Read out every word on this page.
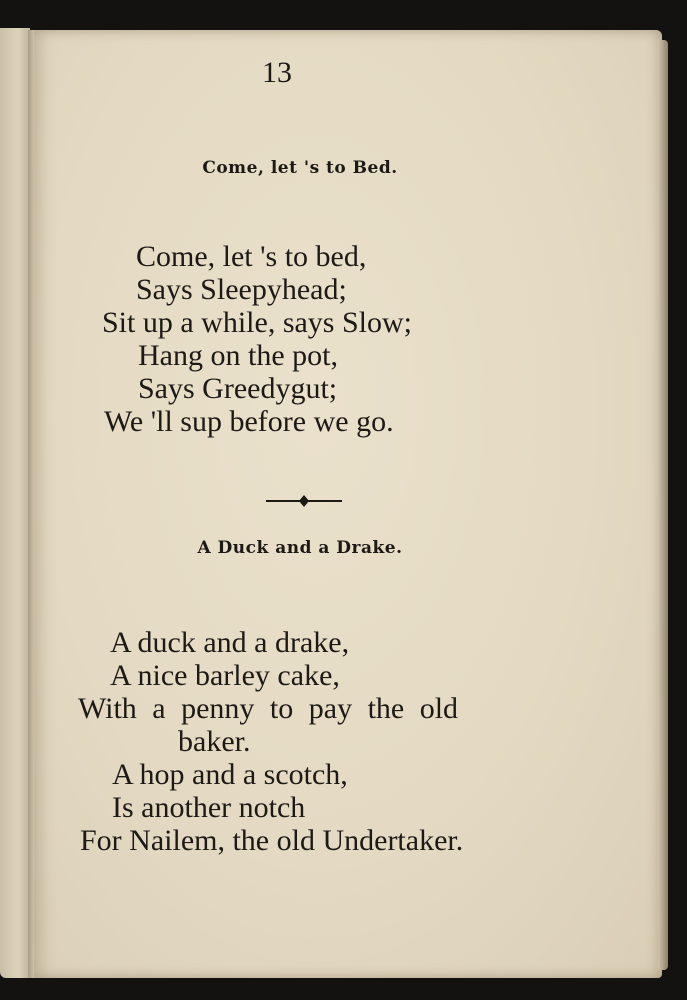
13
Come, let 's to Bed.
Come, let 's to bed,
Says Sleepyhead;
Sit up a while, says Slow;
Hang on the pot,
Says Greedygut;
We 'll sup before we go.
A Duck and a Drake.
A duck and a drake,
A nice barley cake,
With a penny to pay the old
baker.
A hop and a scotch,
Is another notch
For Nailem, the old Undertaker.
